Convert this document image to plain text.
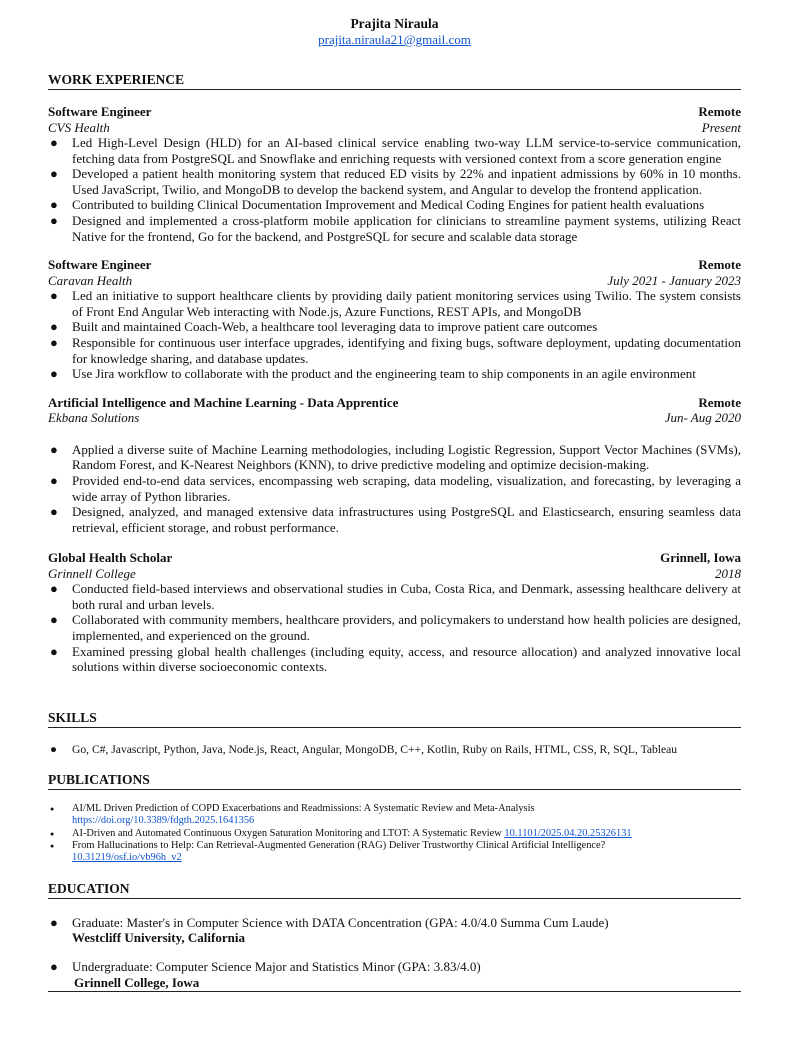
Prajita Niraula
prajita.niraula21@gmail.com
WORK EXPERIENCE
Software Engineer	Remote
CVS Health	Present
● Led High-Level Design (HLD) for an AI-based clinical service enabling two-way LLM service-to-service communication, fetching data from PostgreSQL and Snowflake and enriching requests with versioned context from a score generation engine
● Developed a patient health monitoring system that reduced ED visits by 22% and inpatient admissions by 60% in 10 months. Used JavaScript, Twilio, and MongoDB to develop the backend system, and Angular to develop the frontend application.
● Contributed to building Clinical Documentation Improvement and Medical Coding Engines for patient health evaluations
● Designed and implemented a cross-platform mobile application for clinicians to streamline payment systems, utilizing React Native for the frontend, Go for the backend, and PostgreSQL for secure and scalable data storage
Software Engineer	Remote
Caravan Health	July 2021 - January 2023
● Led an initiative to support healthcare clients by providing daily patient monitoring services using Twilio. The system consists of Front End Angular Web interacting with Node.js, Azure Functions, REST APIs, and MongoDB
● Built and maintained Coach-Web, a healthcare tool leveraging data to improve patient care outcomes
● Responsible for continuous user interface upgrades, identifying and fixing bugs, software deployment, updating documentation for knowledge sharing, and database updates.
● Use Jira workflow to collaborate with the product and the engineering team to ship components in an agile environment
Artificial Intelligence and Machine Learning - Data Apprentice	Remote
Ekbana Solutions	Jun- Aug 2020
● Applied a diverse suite of Machine Learning methodologies, including Logistic Regression, Support Vector Machines (SVMs), Random Forest, and K-Nearest Neighbors (KNN), to drive predictive modeling and optimize decision-making.
● Provided end-to-end data services, encompassing web scraping, data modeling, visualization, and forecasting, by leveraging a wide array of Python libraries.
● Designed, analyzed, and managed extensive data infrastructures using PostgreSQL and Elasticsearch, ensuring seamless data retrieval, efficient storage, and robust performance.
Global Health Scholar	Grinnell, Iowa
Grinnell College	2018
● Conducted field-based interviews and observational studies in Cuba, Costa Rica, and Denmark, assessing healthcare delivery at both rural and urban levels.
● Collaborated with community members, healthcare providers, and policymakers to understand how health policies are designed, implemented, and experienced on the ground.
● Examined pressing global health challenges (including equity, access, and resource allocation) and analyzed innovative local solutions within diverse socioeconomic contexts.
SKILLS
● Go, C#, Javascript, Python, Java, Node.js, React, Angular, MongoDB, C++, Kotlin, Ruby on Rails, HTML, CSS, R, SQL, Tableau
PUBLICATIONS
● AI/ML Driven Prediction of COPD Exacerbations and Readmissions: A Systematic Review and Meta-Analysis
https://doi.org/10.3389/fdgth.2025.1641356
● AI-Driven and Automated Continuous Oxygen Saturation Monitoring and LTOT: A Systematic Review 10.1101/2025.04.20.25326131
● From Hallucinations to Help: Can Retrieval-Augmented Generation (RAG) Deliver Trustworthy Clinical Artificial Intelligence?
10.31219/osf.io/vb96h_v2
EDUCATION
● Graduate: Master's in Computer Science with DATA Concentration (GPA: 4.0/4.0 Summa Cum Laude)
Westcliff University, California
● Undergraduate: Computer Science Major and Statistics Minor (GPA: 3.83/4.0)
Grinnell College, Iowa
